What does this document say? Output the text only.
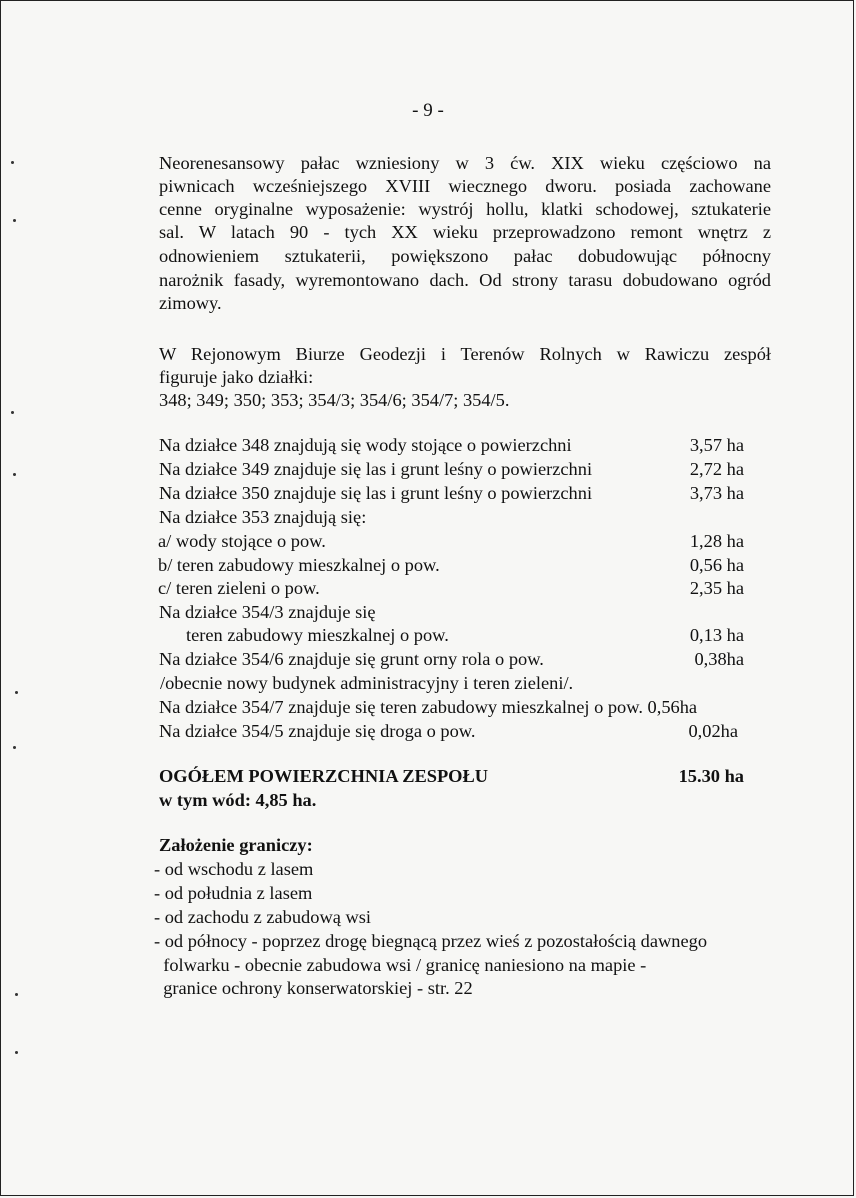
- 9 -
Neorenesansowy pałac wzniesiony w 3 ćw. XIX wieku częściowo na
piwnicach wcześniejszego XVIII wiecznego dworu. posiada zachowane
cenne oryginalne wyposażenie: wystrój hollu, klatki schodowej, sztukaterie
sal. W latach 90 - tych XX wieku przeprowadzono remont wnętrz z
odnowieniem sztukaterii, powiększono pałac dobudowując północny
narożnik fasady, wyremontowano dach. Od strony tarasu dobudowano ogród
zimowy.
W Rejonowym Biurze Geodezji i Terenów Rolnych w Rawiczu zespół
figuruje jako działki:
348; 349; 350; 353; 354/3; 354/6; 354/7; 354/5.
Na działce 348 znajdują się wody stojące o powierzchni	3,57 ha
Na działce 349 znajduje się las i grunt leśny o powierzchni	2,72 ha
Na działce 350 znajduje się las i grunt leśny o powierzchni	3,73 ha
Na działce 353 znajdują się:
a/ wody stojące o pow.	1,28 ha
b/ teren zabudowy mieszkalnej o pow.	0,56 ha
c/ teren zieleni o pow.	2,35 ha
Na działce 354/3 znajduje się
teren zabudowy mieszkalnej o pow.	0,13 ha
Na działce 354/6 znajduje się grunt orny rola o pow.	0,38ha
/obecnie nowy budynek administracyjny i teren zieleni/.
Na działce 354/7 znajduje się teren zabudowy mieszkalnej o pow. 0,56ha
Na działce 354/5 znajduje się droga o pow.	0,02ha
OGÓŁEM POWIERZCHNIA ZESPOŁU	15.30 ha
w tym wód: 4,85 ha.
Założenie graniczy:
- od wschodu z lasem
- od południa z lasem
- od zachodu z zabudową wsi
- od północy - poprzez drogę biegnącą przez wieś z pozostałością dawnego
folwarku - obecnie zabudowa wsi / granicę naniesiono na mapie -
granice ochrony konserwatorskiej - str. 22
